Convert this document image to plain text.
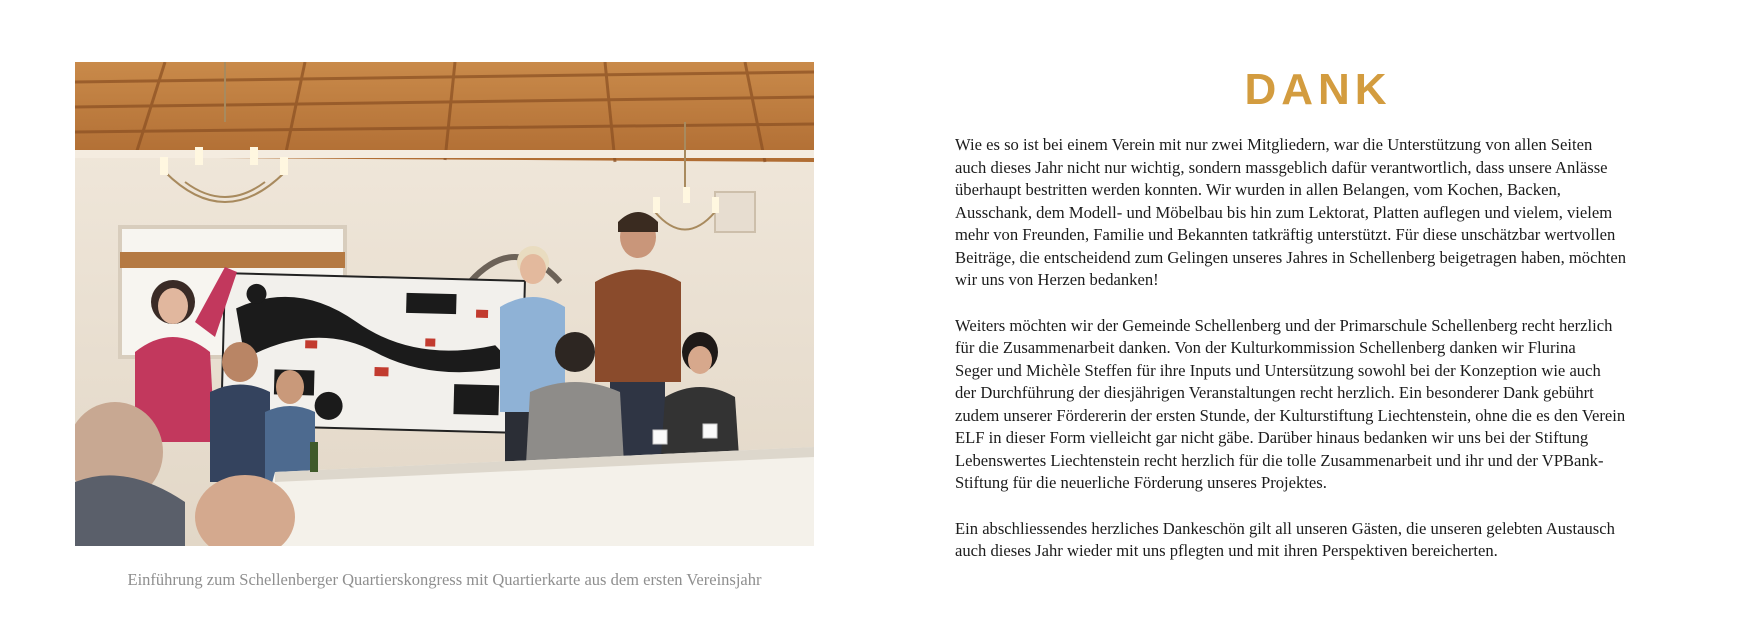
Einführung zum Schellenberger Quartierskongress mit Quartierkarte aus dem ersten Vereinsjahr
DANK
Wie es so ist bei einem Verein mit nur zwei Mitgliedern, war die Unterstützung von allen Seiten
auch dieses Jahr nicht nur wichtig, sondern massgeblich dafür verantwortlich, dass unsere Anlässe
überhaupt bestritten werden konnten. Wir wurden in allen Belangen, vom Kochen, Backen,
Ausschank, dem Modell- und Möbelbau bis hin zum Lektorat, Platten auflegen und vielem, vielem
mehr von Freunden, Familie und Bekannten tatkräftig unterstützt. Für diese unschätzbar wertvollen
Beiträge, die entscheidend zum Gelingen unseres Jahres in Schellenberg beigetragen haben, möchten
wir uns von Herzen bedanken!
Weiters möchten wir der Gemeinde Schellenberg und der Primarschule Schellenberg recht herzlich
für die Zusammenarbeit danken. Von der Kulturkommission Schellenberg danken wir Flurina
Seger und Michèle Steffen für ihre Inputs und Untersützung sowohl bei der Konzeption wie auch
der Durchführung der diesjährigen Veranstaltungen recht herzlich. Ein besonderer Dank gebührt
zudem unserer Fördererin der ersten Stunde, der Kulturstiftung Liechtenstein, ohne die es den Verein
ELF in dieser Form vielleicht gar nicht gäbe. Darüber hinaus bedanken wir uns bei der Stiftung
Lebenswertes Liechtenstein recht herzlich für die tolle Zusammenarbeit und ihr und der VPBank-
Stiftung für die neuerliche Förderung unseres Projektes.
Ein abschliessendes herzliches Dankeschön gilt all unseren Gästen, die unseren gelebten Austausch
auch dieses Jahr wieder mit uns pflegten und mit ihren Perspektiven bereicherten.
